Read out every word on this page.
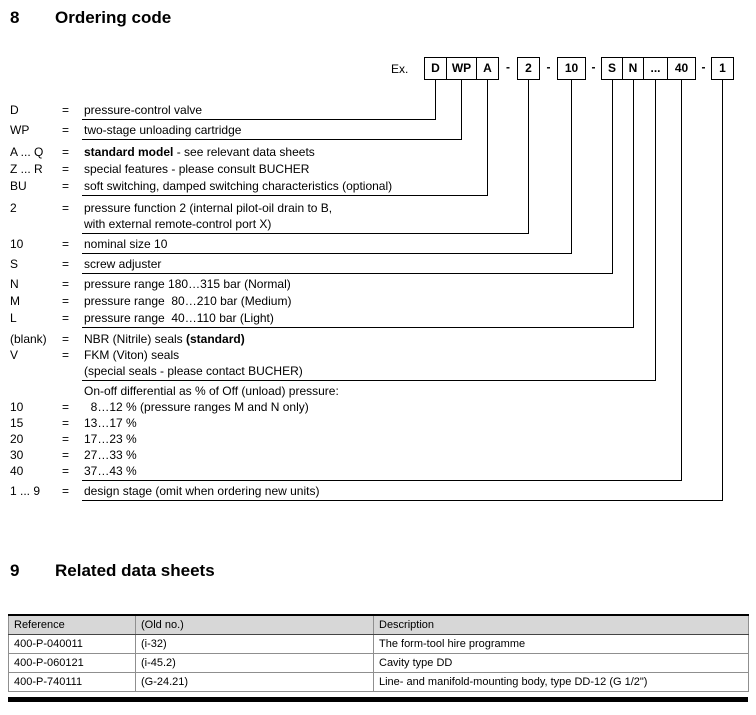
8 Ordering code
Ex.	D	WP A	-	2	-	10	-	S	N	...	40	-	1
D	= pressure-control valve
WP	= two-stage unloading cartridge
A ... Q = standard model - see relevant data sheets
Z ... R = special features - please consult BUCHER
BU	= soft switching, damped switching characteristics (optional)
2	= pressure function 2 (internal pilot-oil drain to B,
with external remote-control port X)
10	= nominal size 10
S	= screw adjuster
N	= pressure range 180…315 bar (Normal)
M	= pressure range  80…210 bar (Medium)
L	= pressure range  40…110 bar (Light)
(blank) = NBR (Nitrile) seals (standard)
V	= FKM (Viton) seals
(special seals - please contact BUCHER)
On-off differential as % of Off (unload) pressure:
10	=  8…12 % (pressure ranges M and N only)
15	= 13…17 %
20	= 17…23 %
30	= 27…33 %
40	= 37…43 %
1 ... 9 = design stage (omit when ordering new units)
9 Related data sheets
Reference	(Old no.)	Description
400-P-040011	(i-32)	The form-tool hire programme
400-P-060121	(i-45.2)	Cavity type DD
400-P-740111	(G-24.21)	Line- and manifold-mounting body, type DD-12 (G 1/2")
